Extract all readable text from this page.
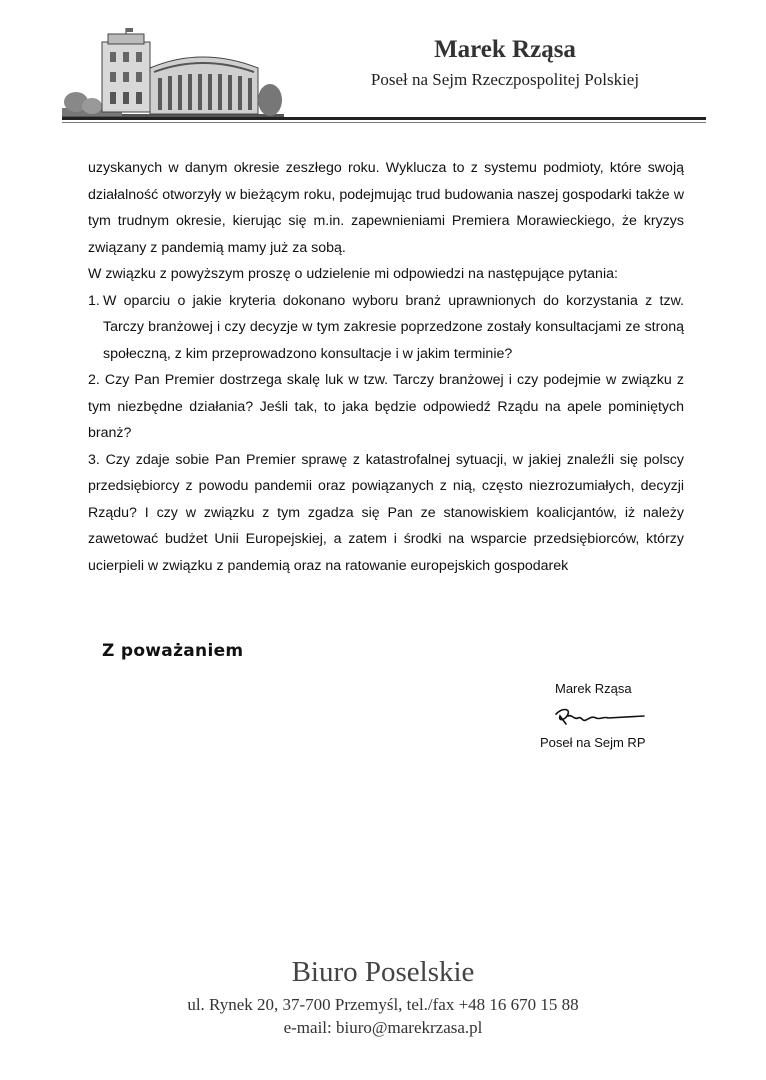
Marek Rząsa
Poseł na Sejm Rzeczpospolitej Polskiej

uzyskanych w danym okresie zeszłego roku. Wyklucza to z systemu podmioty, które swoją działalność otworzyły w bieżącym roku, podejmując trud budowania naszej gospodarki także w tym trudnym okresie, kierując się m.in. zapewnieniami Premiera Morawieckiego, że kryzys związany z pandemią mamy już za sobą.

W związku z powyższym proszę o udzielenie mi odpowiedzi na następujące pytania:

1. W oparciu o jakie kryteria dokonano wyboru branż uprawnionych do korzystania z tzw. Tarczy branżowej i czy decyzje w tym zakresie poprzedzone zostały konsultacjami ze stroną społeczną, z kim przeprowadzono konsultacje i w jakim terminie?

2. Czy Pan Premier dostrzega skalę luk w tzw. Tarczy branżowej i czy podejmie w związku z tym niezbędne działania? Jeśli tak, to jaka będzie odpowiedź Rządu na apele pominiętych branż?

3. Czy zdaje sobie Pan Premier sprawę z katastrofalnej sytuacji, w jakiej znaleźli się polscy przedsiębiorcy z powodu pandemii oraz powiązanych z nią, często niezrozumiałych, decyzji Rządu? I czy w związku z tym zgadza się Pan ze stanowiskiem koalicjantów, iż należy zawetować budżet Unii Europejskiej, a zatem i środki na wsparcie przedsiębiorców, którzy ucierpieli w związku z pandemią oraz na ratowanie europejskich gospodarek

Z poważaniem
Marek Rząsa
Poseł na Sejm RP
Biuro Poselskie
ul. Rynek 20, 37-700 Przemyśl, tel./fax +48 16 670 15 88
e-mail: biuro@marekrzasa.pl
